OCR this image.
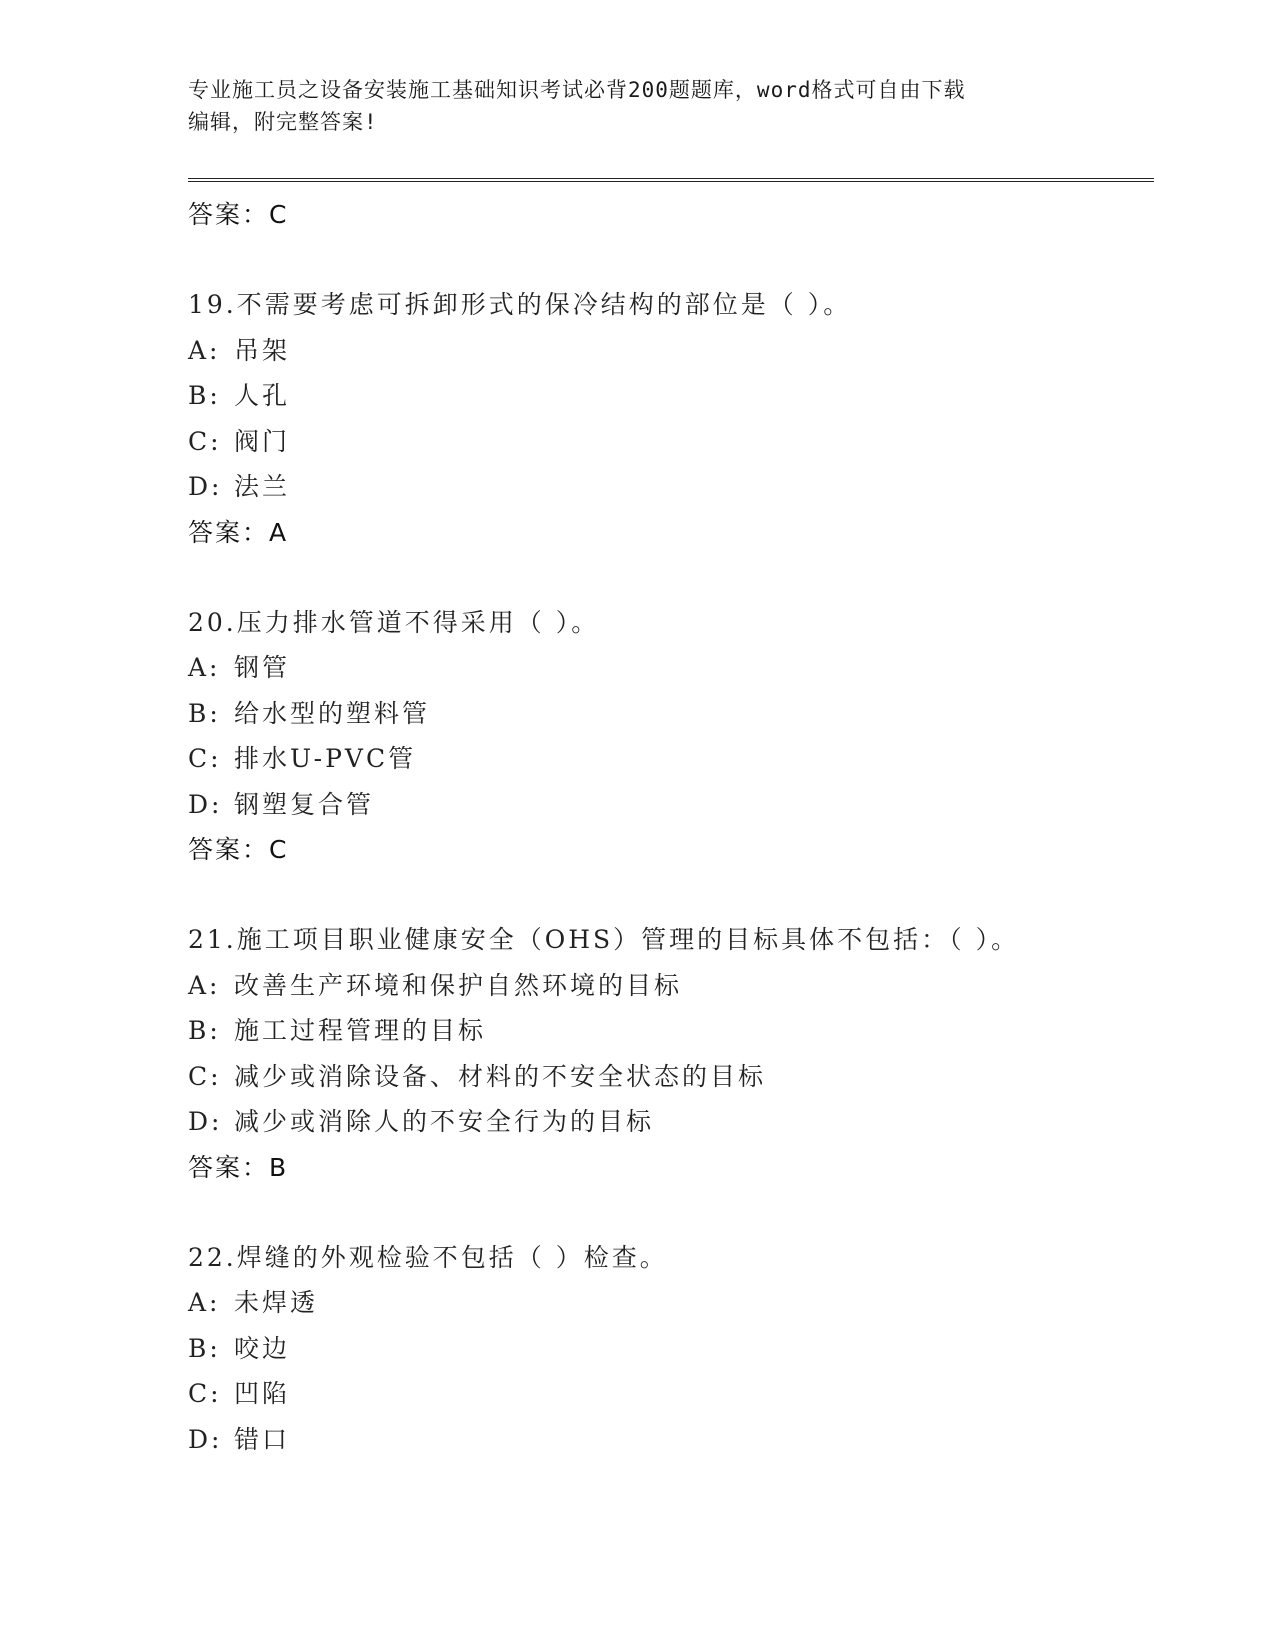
专业施工员之设备安装施工基础知识考试必背200题题库，word格式可自由下载
编辑，附完整答案!
答案：C
19.不需要考虑可拆卸形式的保冷结构的部位是（ ）。
A: 吊架
B: 人孔
C: 阀门
D: 法兰
答案：A
20.压力排水管道不得采用（ ）。
A: 钢管
B: 给水型的塑料管
C: 排水U-PVC管
D: 钢塑复合管
答案：C
21.施工项目职业健康安全（OHS）管理的目标具体不包括：（ ）。
A: 改善生产环境和保护自然环境的目标
B: 施工过程管理的目标
C: 减少或消除设备、材料的不安全状态的目标
D: 减少或消除人的不安全行为的目标
答案：B
22.焊缝的外观检验不包括（ ）检查。
A: 未焊透
B: 咬边
C: 凹陷
D: 错口
